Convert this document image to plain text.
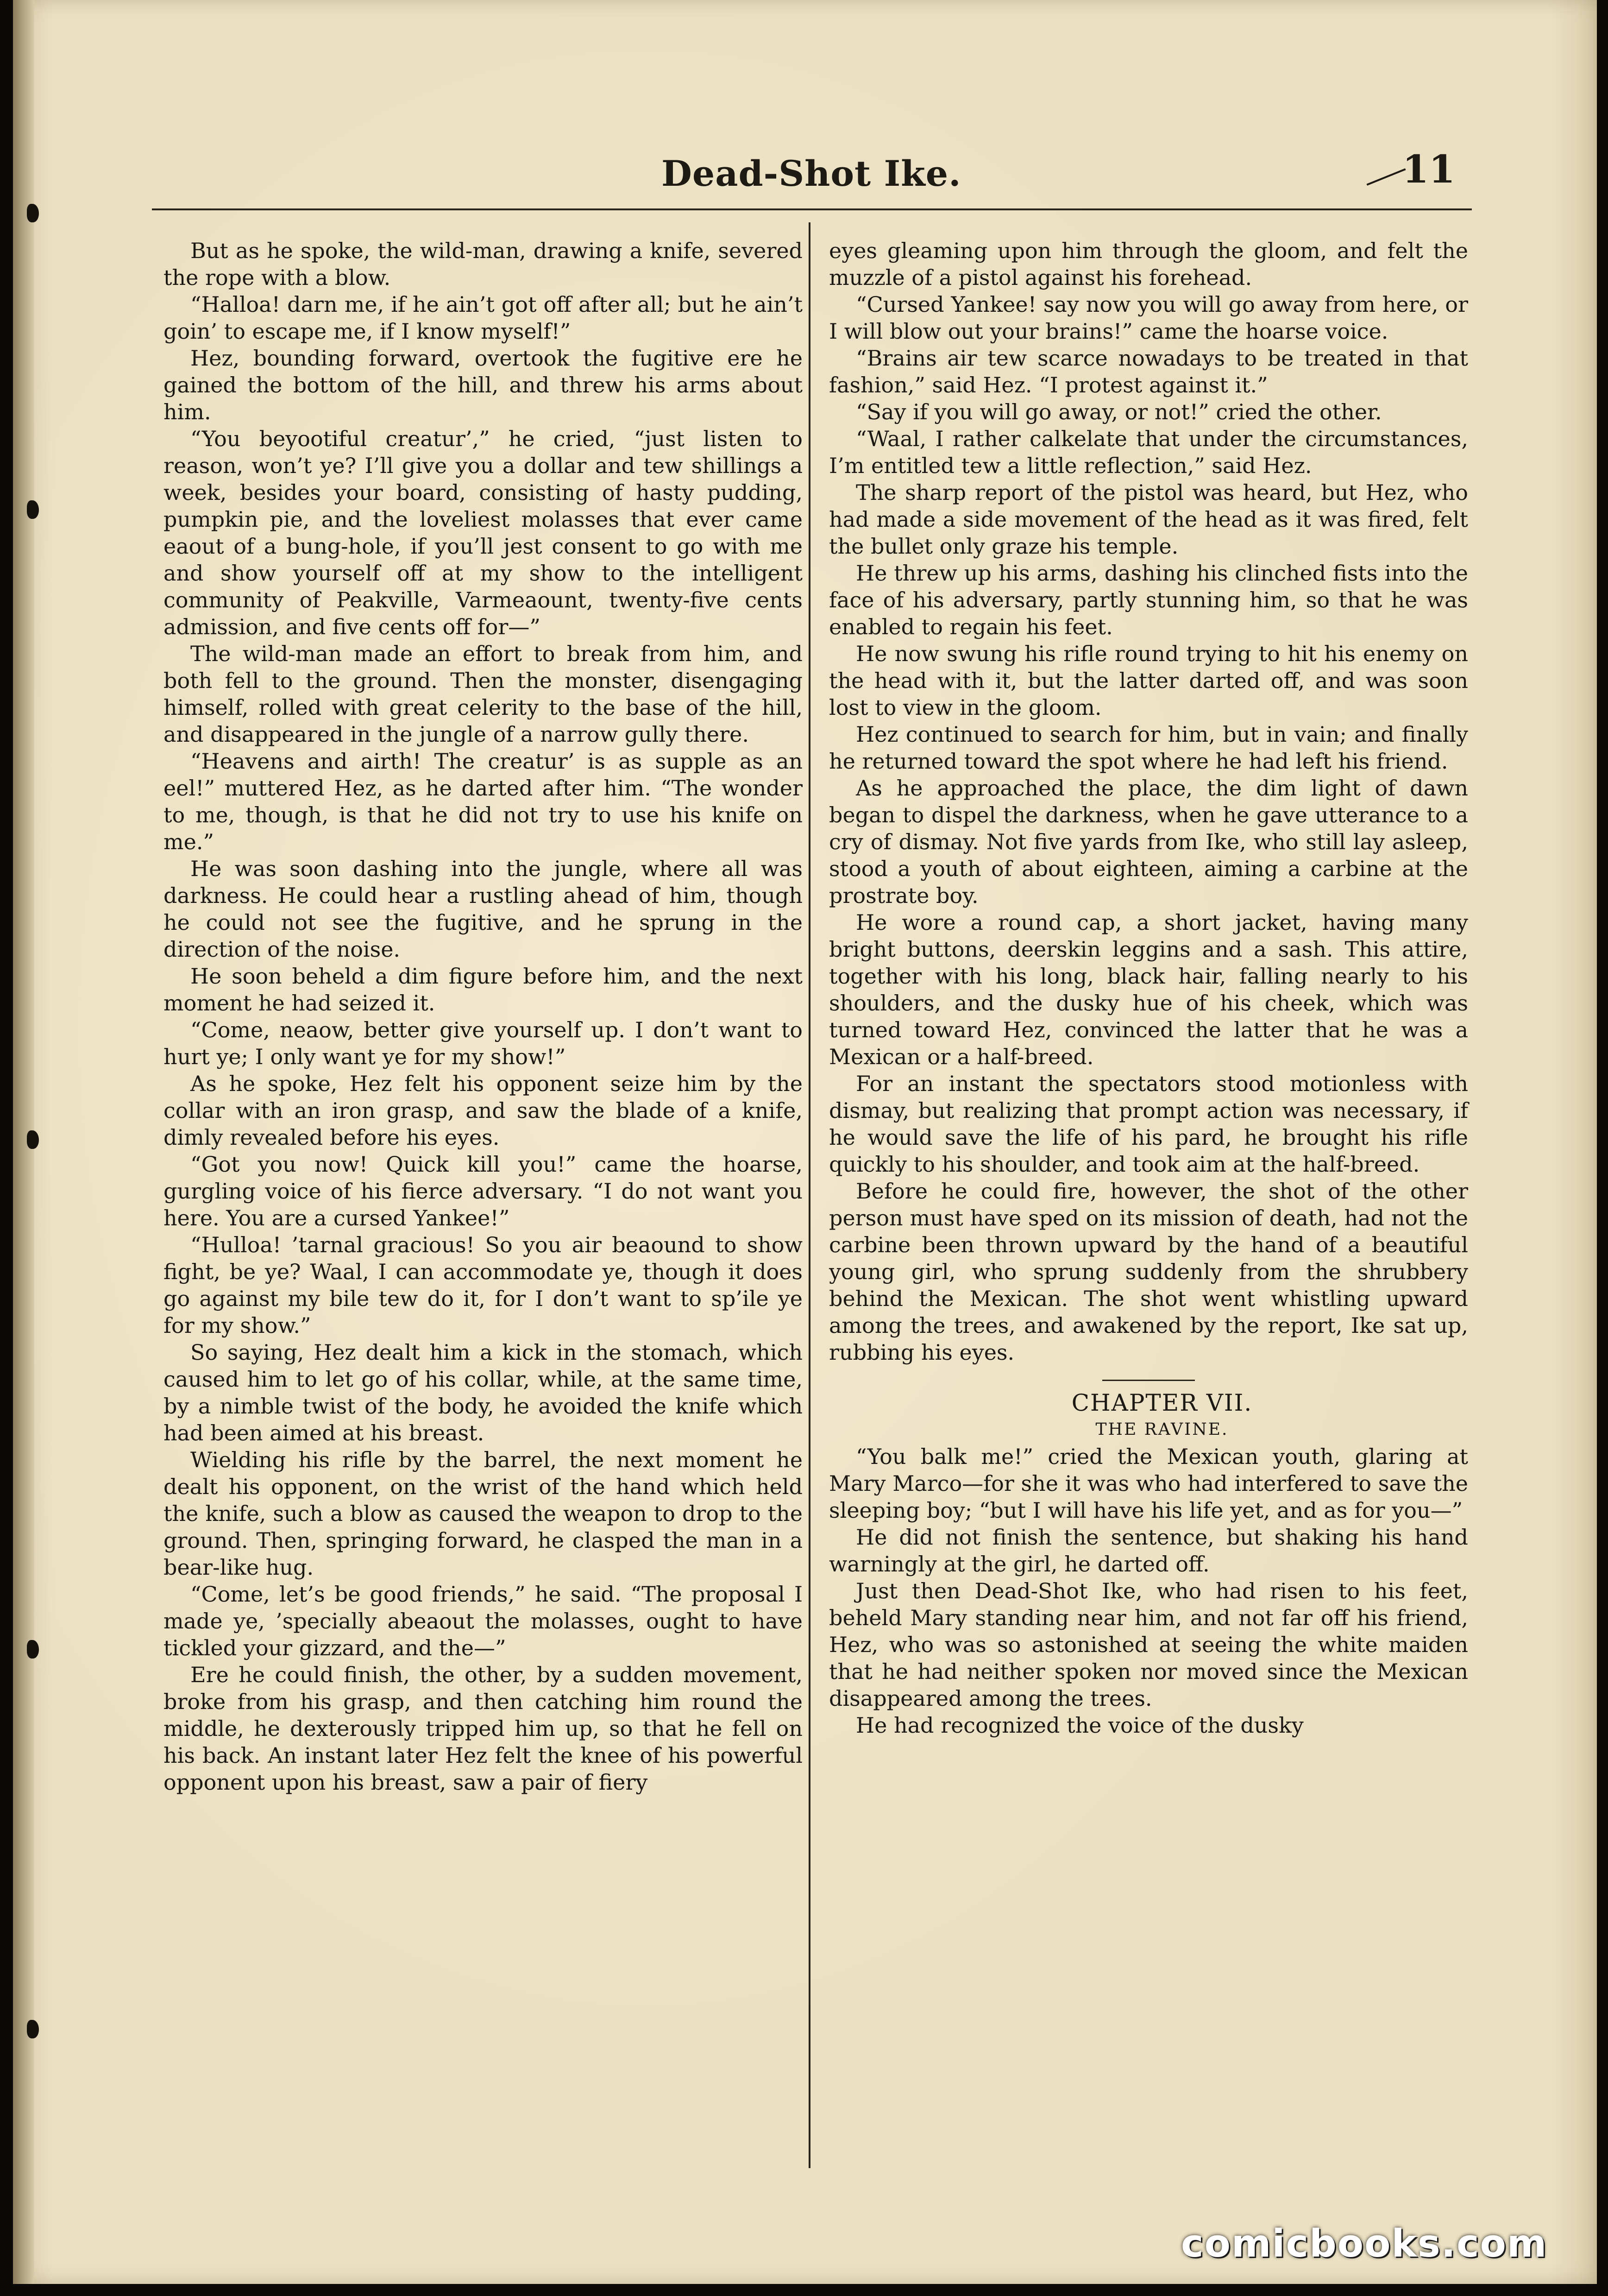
Dead-Shot Ike.	11

But as he spoke, the wild-man, drawing a knife, severed the rope with a blow.

“Halloa! darn me, if he ain’t got off after all; but he ain’t goin’ to escape me, if I know myself!”

Hez, bounding forward, overtook the fugitive ere he gained the bottom of the hill, and threw his arms about him.

“You beyootiful creatur’,” he cried, “just listen to reason, won’t ye? I’ll give you a dollar and tew shillings a week, besides your board, consisting of hasty pudding, pumpkin pie, and the loveliest molasses that ever came eaout of a bung-hole, if you’ll jest consent to go with me and show yourself off at my show to the intelligent community of Peakville, Varmeaount, twenty-five cents admission, and five cents off for—”

The wild-man made an effort to break from him, and both fell to the ground. Then the monster, disengaging himself, rolled with great celerity to the base of the hill, and disappeared in the jungle of a narrow gully there.

“Heavens and airth! The creatur’ is as supple as an eel!” muttered Hez, as he darted after him. “The wonder to me, though, is that he did not try to use his knife on me.”

He was soon dashing into the jungle, where all was darkness. He could hear a rustling ahead of him, though he could not see the fugitive, and he sprung in the direction of the noise.

He soon beheld a dim figure before him, and the next moment he had seized it.

“Come, neaow, better give yourself up. I don’t want to hurt ye; I only want ye for my show!”

As he spoke, Hez felt his opponent seize him by the collar with an iron grasp, and saw the blade of a knife, dimly revealed before his eyes.

“Got you now! Quick kill you!” came the hoarse, gurgling voice of his fierce adversary. “I do not want you here. You are a cursed Yankee!”

“Hulloa! ’tarnal gracious! So you air beaound to show fight, be ye? Waal, I can accommodate ye, though it does go against my bile tew do it, for I don’t want to sp’ile ye for my show.”

So saying, Hez dealt him a kick in the stomach, which caused him to let go of his collar, while, at the same time, by a nimble twist of the body, he avoided the knife which had been aimed at his breast.

Wielding his rifle by the barrel, the next moment he dealt his opponent, on the wrist of the hand which held the knife, such a blow as caused the weapon to drop to the ground. Then, springing forward, he clasped the man in a bear-like hug.

“Come, let’s be good friends,” he said. “The proposal I made ye, ’specially abeaout the molasses, ought to have tickled your gizzard, and the—”

Ere he could finish, the other, by a sudden movement, broke from his grasp, and then catching him round the middle, he dexterously tripped him up, so that he fell on his back. An instant later Hez felt the knee of his powerful opponent upon his breast, saw a pair of fiery

eyes gleaming upon him through the gloom, and felt the muzzle of a pistol against his forehead.

“Cursed Yankee! say now you will go away from here, or I will blow out your brains!” came the hoarse voice.

“Brains air tew scarce nowadays to be treated in that fashion,” said Hez. “I protest against it.”

“Say if you will go away, or not!” cried the other.

“Waal, I rather calkelate that under the circumstances, I’m entitled tew a little reflection,” said Hez.

The sharp report of the pistol was heard, but Hez, who had made a side movement of the head as it was fired, felt the bullet only graze his temple.

He threw up his arms, dashing his clinched fists into the face of his adversary, partly stunning him, so that he was enabled to regain his feet.

He now swung his rifle round trying to hit his enemy on the head with it, but the latter darted off, and was soon lost to view in the gloom.

Hez continued to search for him, but in vain; and finally he returned toward the spot where he had left his friend.

As he approached the place, the dim light of dawn began to dispel the darkness, when he gave utterance to a cry of dismay. Not five yards from Ike, who still lay asleep, stood a youth of about eighteen, aiming a carbine at the prostrate boy.

He wore a round cap, a short jacket, having many bright buttons, deerskin leggins and a sash. This attire, together with his long, black hair, falling nearly to his shoulders, and the dusky hue of his cheek, which was turned toward Hez, convinced the latter that he was a Mexican or a half-breed.

For an instant the spectators stood motionless with dismay, but realizing that prompt action was necessary, if he would save the life of his pard, he brought his rifle quickly to his shoulder, and took aim at the half-breed.

Before he could fire, however, the shot of the other person must have sped on its mission of death, had not the carbine been thrown upward by the hand of a beautiful young girl, who sprung suddenly from the shrubbery behind the Mexican. The shot went whistling upward among the trees, and awakened by the report, Ike sat up, rubbing his eyes.

CHAPTER VII.

THE RAVINE.

“You balk me!” cried the Mexican youth, glaring at Mary Marco—for she it was who had interfered to save the sleeping boy; “but I will have his life yet, and as for you—”

He did not finish the sentence, but shaking his hand warningly at the girl, he darted off.

Just then Dead-Shot Ike, who had risen to his feet, beheld Mary standing near him, and not far off his friend, Hez, who was so astonished at seeing the white maiden that he had neither spoken nor moved since the Mexican disappeared among the trees.

He had recognized the voice of the dusky

comicbooks.com
